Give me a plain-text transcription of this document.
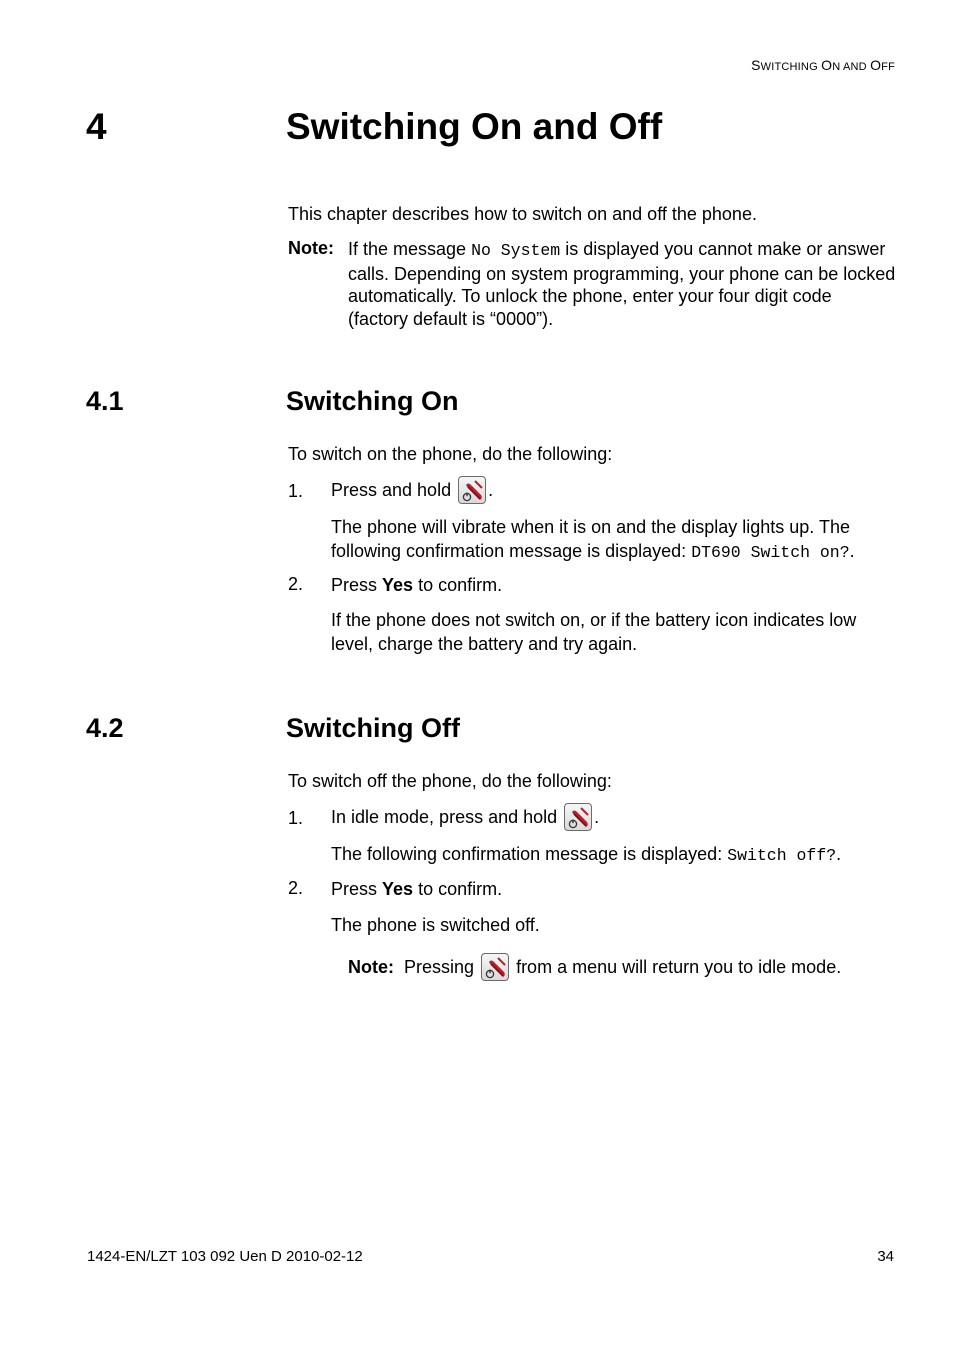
SWITCHING ON AND OFF
4	Switching On and Off
This chapter describes how to switch on and off the phone.
Note: If the message No System is displayed you cannot make or answer calls. Depending on system programming, your phone can be locked automatically. To unlock the phone, enter your four digit code (factory default is “0000”).
4.1	Switching On
To switch on the phone, do the following:
1. Press and hold
.
The phone will vibrate when it is on and the display lights up. The following confirmation message is displayed: DT690 Switch on?.
2. Press Yes to confirm.
If the phone does not switch on, or if the battery icon indicates low level, charge the battery and try again.
4.2	Switching Off
To switch off the phone, do the following:
1. In idle mode, press and hold
.
The following confirmation message is displayed: Switch off?.
2. Press Yes to confirm.
The phone is switched off.
Note: Pressing
from a menu will return you to idle mode.
1424-EN/LZT 103 092 Uen D 2010-02-12	34
